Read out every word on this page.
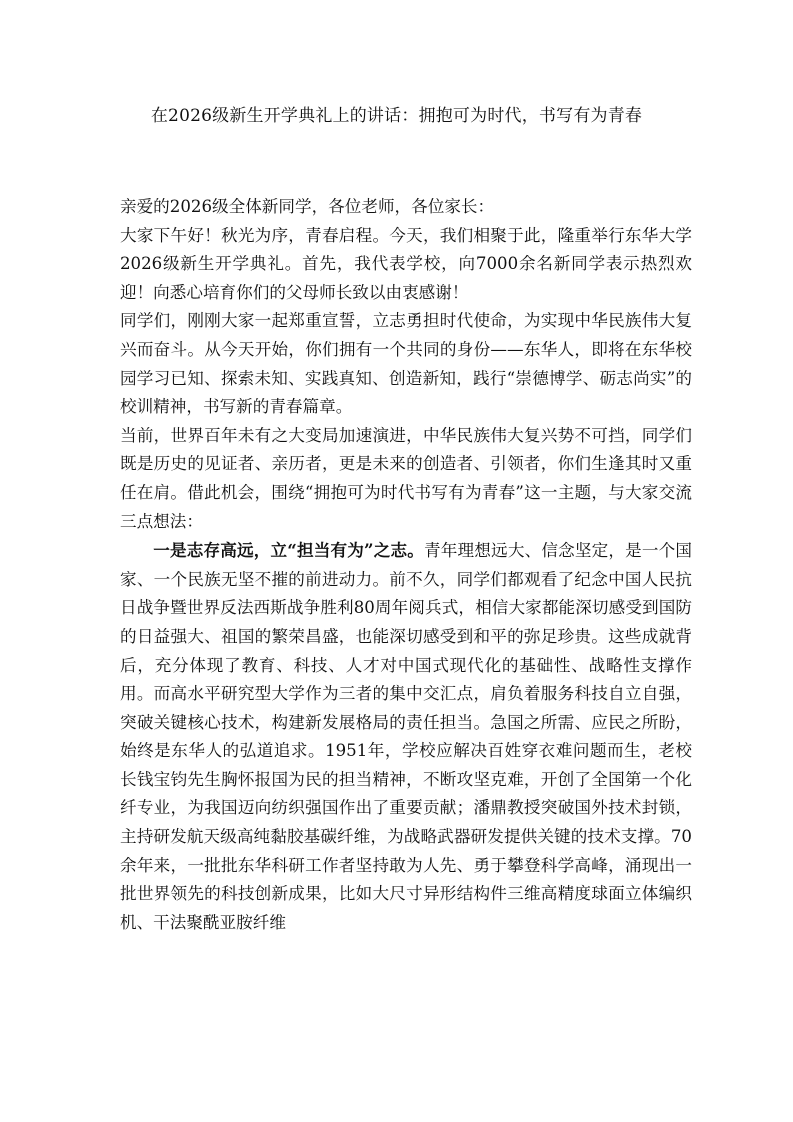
在2026级新生开学典礼上的讲话：拥抱可为时代，书写有为青春

亲爱的2026级全体新同学，各位老师，各位家长：

大家下午好！秋光为序，青春启程。今天，我们相聚于此，隆重举行东华大学2026级新生开学典礼。首先，我代表学校，向7000余名新同学表示热烈欢迎！向悉心培育你们的父母师长致以由衷感谢！

同学们，刚刚大家一起郑重宣誓，立志勇担时代使命，为实现中华民族伟大复兴而奋斗。从今天开始，你们拥有一个共同的身份——东华人，即将在东华校园学习已知、探索未知、实践真知、创造新知，践行“崇德博学、砺志尚实”的校训精神，书写新的青春篇章。

当前，世界百年未有之大变局加速演进，中华民族伟大复兴势不可挡，同学们既是历史的见证者、亲历者，更是未来的创造者、引领者，你们生逢其时又重任在肩。借此机会，围绕“拥抱可为时代书写有为青春”这一主题，与大家交流三点想法：

一是志存高远，立“担当有为”之志。青年理想远大、信念坚定，是一个国家、一个民族无坚不摧的前进动力。前不久，同学们都观看了纪念中国人民抗日战争暨世界反法西斯战争胜利80周年阅兵式，相信大家都能深切感受到国防的日益强大、祖国的繁荣昌盛，也能深切感受到和平的弥足珍贵。这些成就背后，充分体现了教育、科技、人才对中国式现代化的基础性、战略性支撑作用。而高水平研究型大学作为三者的集中交汇点，肩负着服务科技自立自强，突破关键核心技术，构建新发展格局的责任担当。急国之所需、应民之所盼，始终是东华人的弘道追求。1951年，学校应解决百姓穿衣难问题而生，老校长钱宝钧先生胸怀报国为民的担当精神，不断攻坚克难，开创了全国第一个化纤专业，为我国迈向纺织强国作出了重要贡献；潘鼎教授突破国外技术封锁，主持研发航天级高纯黏胶基碳纤维，为战略武器研发提供关键的技术支撑。70余年来，一批批东华科研工作者坚持敢为人先、勇于攀登科学高峰，涌现出一批世界领先的科技创新成果，比如大尺寸异形结构件三维高精度球面立体编织机、干法聚酰亚胺纤维
